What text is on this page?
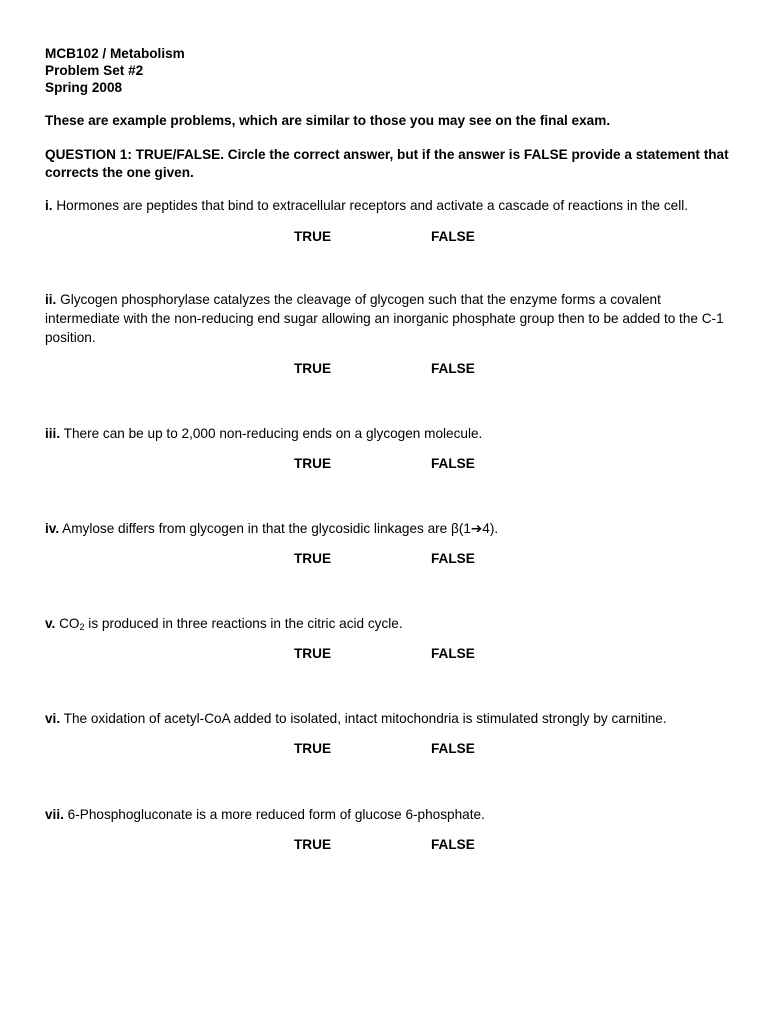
MCB102 / Metabolism
Problem Set #2
Spring 2008
These are example problems, which are similar to those you may see on the final exam.
QUESTION 1: TRUE/FALSE. Circle the correct answer, but if the answer is FALSE provide a statement that corrects the one given.
i. Hormones are peptides that bind to extracellular receptors and activate a cascade of reactions in the cell.
TRUE	FALSE
ii. Glycogen phosphorylase catalyzes the cleavage of glycogen such that the enzyme forms a covalent intermediate with the non-reducing end sugar allowing an inorganic phosphate group then to be added to the C-1 position.
TRUE	FALSE
iii. There can be up to 2,000 non-reducing ends on a glycogen molecule.
TRUE	FALSE
iv. Amylose differs from glycogen in that the glycosidic linkages are β(1➔4).
TRUE	FALSE
v. $CO_2$ is produced in three reactions in the citric acid cycle.
TRUE	FALSE
vi. The oxidation of acetyl-CoA added to isolated, intact mitochondria is stimulated strongly by carnitine.
TRUE	FALSE
vii. 6-Phosphogluconate is a more reduced form of glucose 6-phosphate.
TRUE	FALSE
